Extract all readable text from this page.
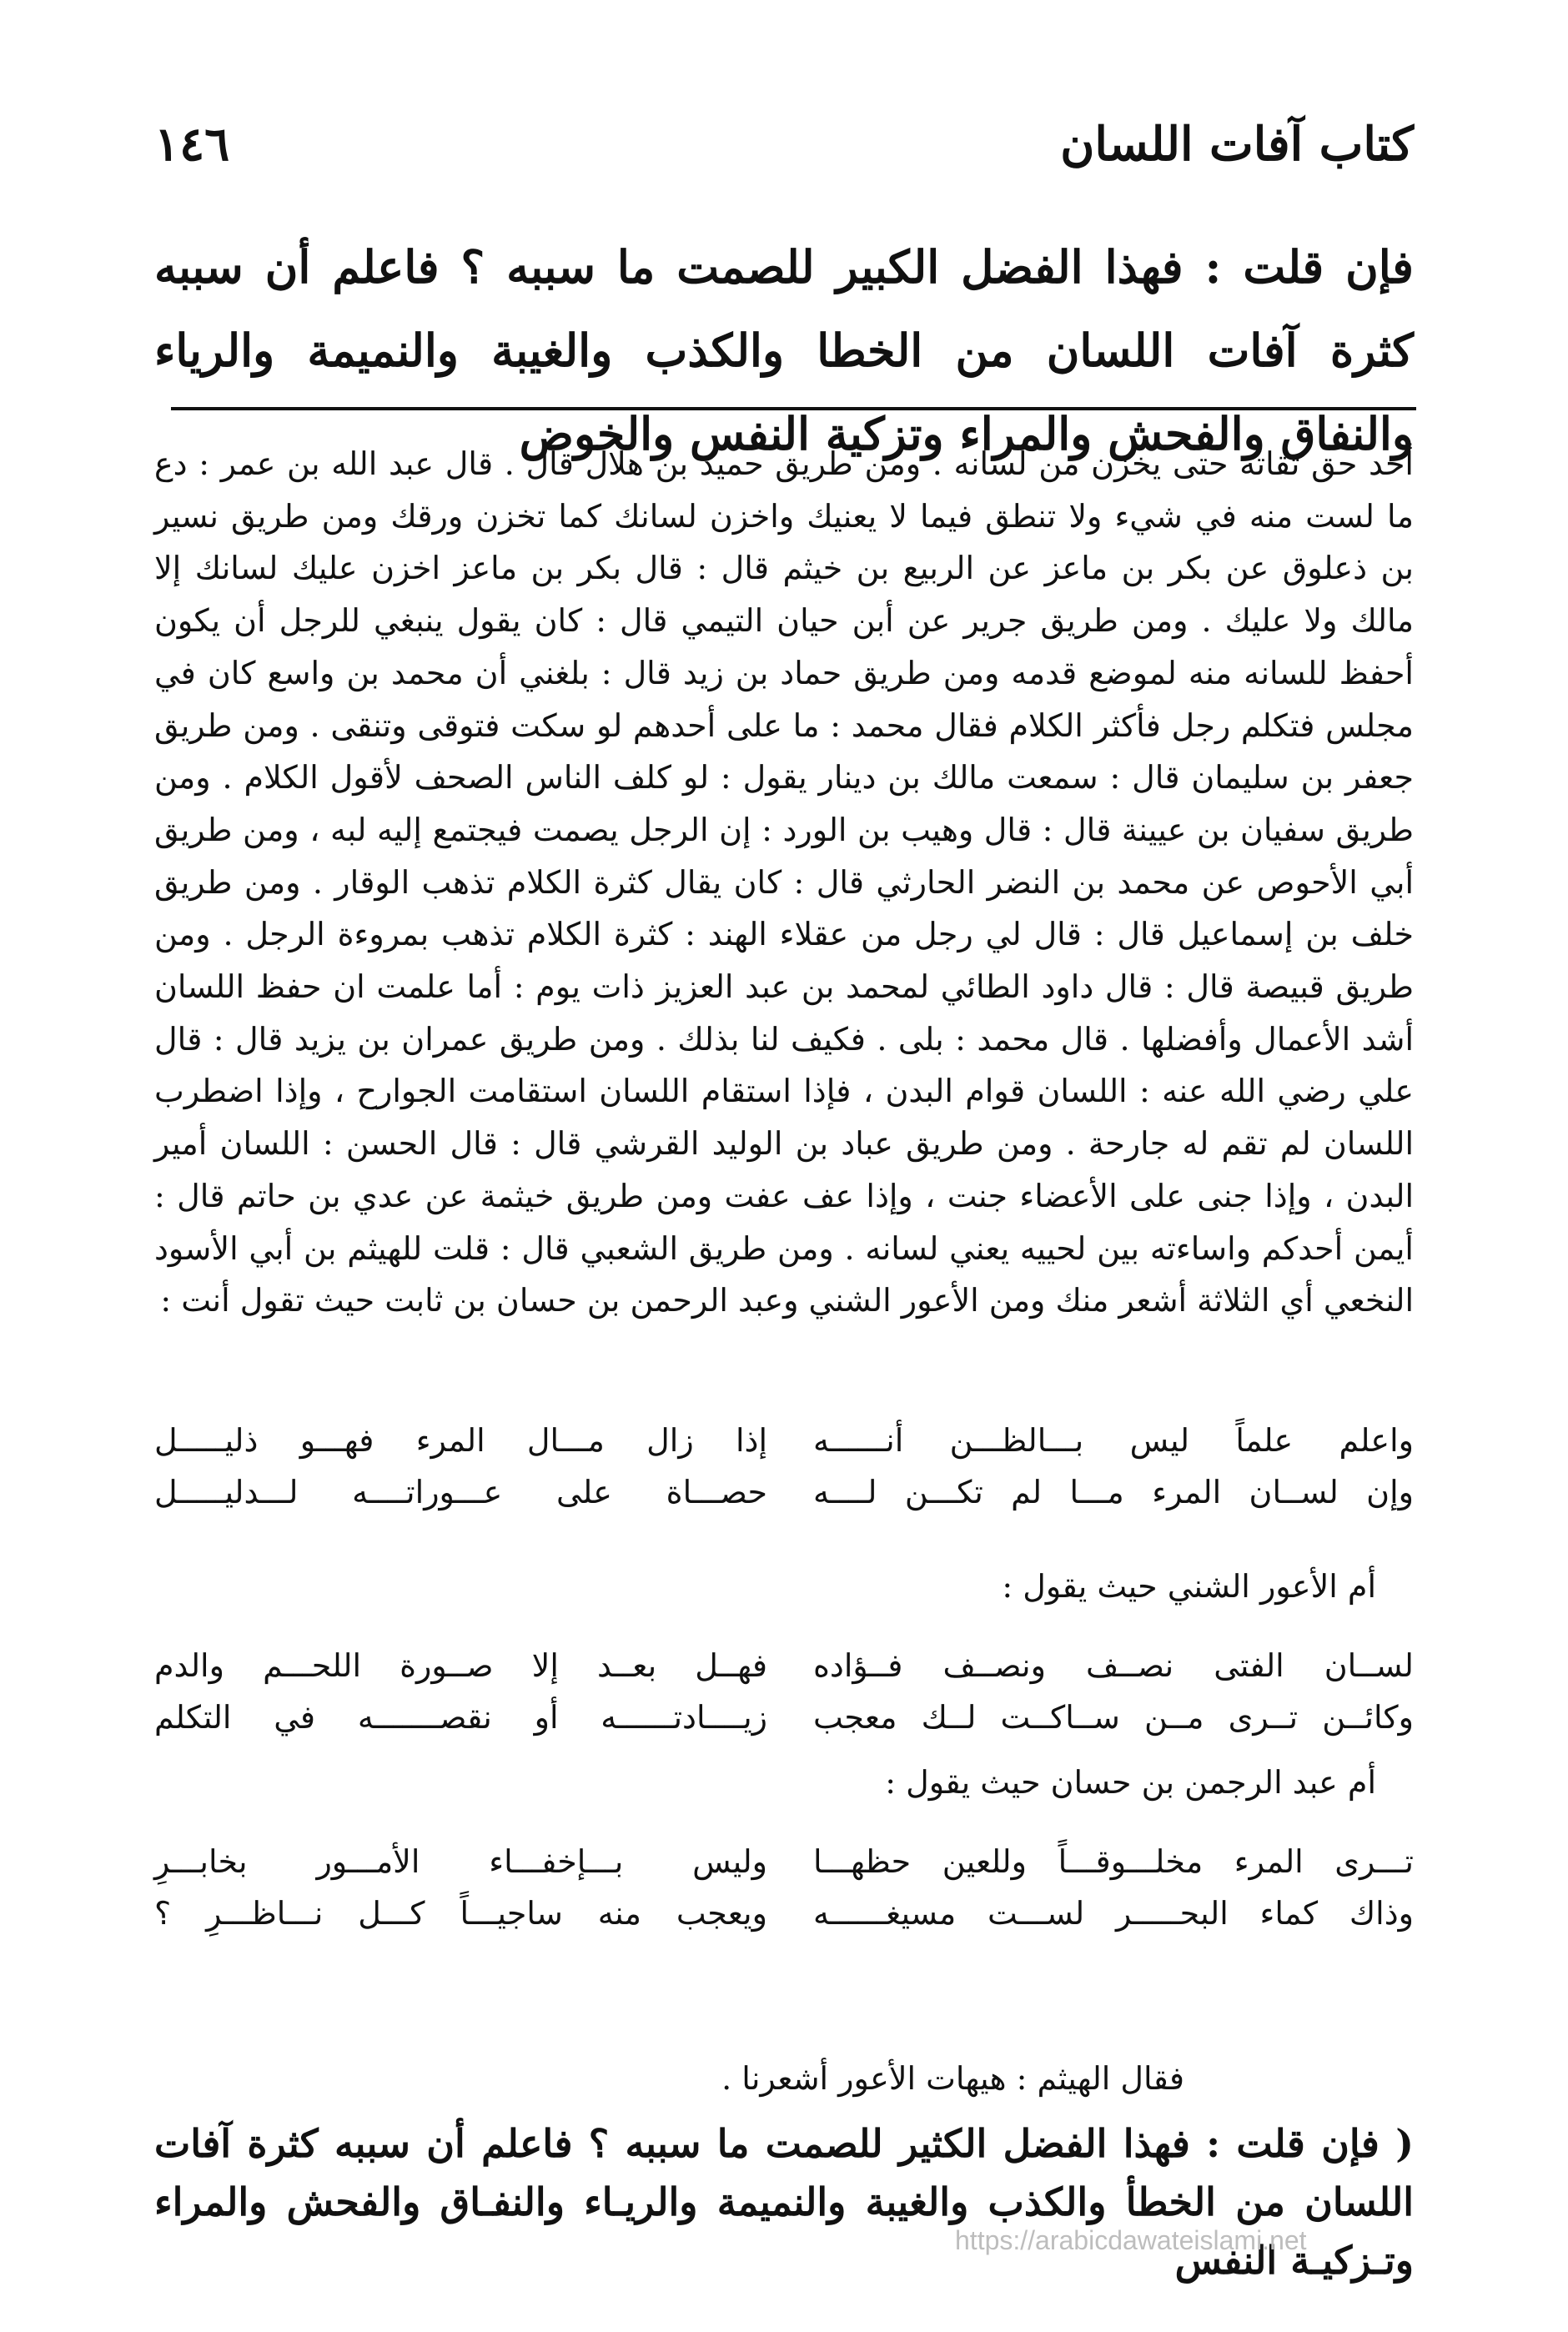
كتاب آفات اللسان
١٤٦
فإن قلت : فهذا الفضل الكبير للصمت ما سببه ؟ فاعلم أن سببه كثرة آفات اللسان من الخطا والكذب والغيبة والنميمة والرياء والنفاق والفحش والمراء وتزكية النفس والخوض
أحد حق تقاته حتى يخزن من لسانه . ومن طريق حميد بن هلال قال . قال عبد الله بن عمر : دع ما لست منه في شيء ولا تنطق فيما لا يعنيك واخزن لسانك كما تخزن ورقك ومن طريق نسير بن ذعلوق عن بكر بن ماعز عن الربيع بن خيثم قال : قال بكر بن ماعز اخزن عليك لسانك إلا مالك ولا عليك . ومن طريق جرير عن أبن حيان التيمي قال : كان يقول ينبغي للرجل أن يكون أحفظ للسانه منه لموضع قدمه ومن طريق حماد بن زيد قال : بلغني أن محمد بن واسع كان في مجلس فتكلم رجل فأكثر الكلام فقال محمد : ما على أحدهم لو سكت فتوقى وتنقى . ومن طريق جعفر بن سليمان قال : سمعت مالك بن دينار يقول : لو كلف الناس الصحف لأقول الكلام . ومن طريق سفيان بن عيينة قال : قال وهيب بن الورد : إن الرجل يصمت فيجتمع إليه لبه ، ومن طريق أبي الأحوص عن محمد بن النضر الحارثي قال : كان يقال كثرة الكلام تذهب الوقار . ومن طريق خلف بن إسماعيل قال : قال لي رجل من عقلاء الهند : كثرة الكلام تذهب بمروءة الرجل . ومن طريق قبيصة قال : قال داود الطائي لمحمد بن عبد العزيز ذات يوم : أما علمت ان حفظ اللسان أشد الأعمال وأفضلها . قال محمد : بلى . فكيف لنا بذلك . ومن طريق عمران بن يزيد قال : قال علي رضي الله عنه : اللسان قوام البدن ، فإذا استقام اللسان استقامت الجوارح ، وإذا اضطرب اللسان لم تقم له جارحة . ومن طريق عباد بن الوليد القرشي قال : قال الحسن : اللسان أمير البدن ، وإذا جنى على الأعضاء جنت ، وإذا عف عفت ومن طريق خيثمة عن عدي بن حاتم قال : أيمن أحدكم واساءته بين لحييه يعني لسانه . ومن طريق الشعبي قال : قلت للهيثم بن أبي الأسود النخعي أي الثلاثة أشعر منك ومن الأعور الشني وعبد الرحمن بن حسان بن ثابت حيث تقول أنت :
واعلم علماً ليس بـــالظـــن أنــــــه
إذا زال مـــال المرء فهـــو ذليـــــل
وإن لســان المرء مـــا لم تكـــن لــــه
حصـــاة على عـــوراتــــه لـــدليـــــل
أم الأعور الشني حيث يقول :
لســان الفتى نصــف ونصــف فــؤاده
فهــل بعــد إلا صــورة اللحـــم والدم
وكائــن تــرى مــن ســاكــت لــك معجب
زيــــادتــــــه أو نقصـــــــه في التكلم
أم عبد الرجمن بن حسان حيث يقول :
تـــرى المرء مخلـــوقـــاً وللعين حظهـــا
وليس بـــإخفـــاء الأمـــور بخابـــرِ
وذاك كماء البحـــــر لســـت مسيغــــــه
ويعجب منه ساجيـــاً كـــل نـــاظـــرِ ؟
فقال الهيثم : هيهات الأعور أشعرنا .
( فإن قلت : فهذا الفضل الكثير للصمت ما سببه ؟ فاعلم أن سببه كثرة آفات اللسان من الخطأ والكذب والغيبة والنميمة والريـاء والنفـاق والفحش والمراء وتـزكيـة النفس
https://arabicdawateislami.net
